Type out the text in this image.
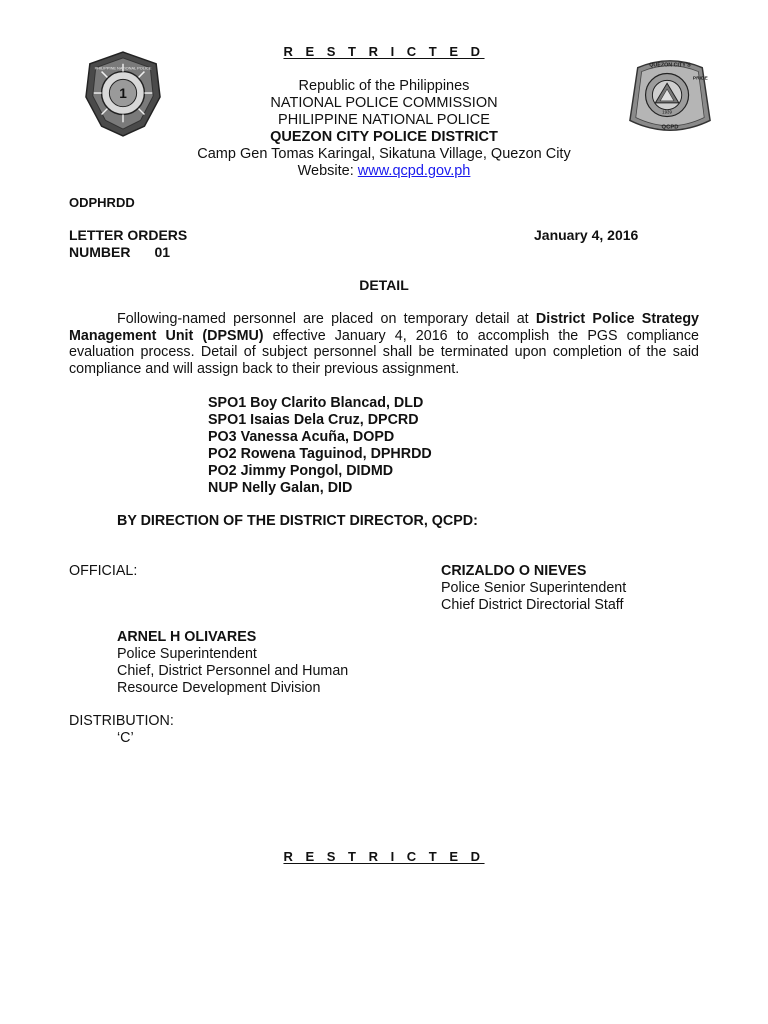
R E S T R I C T E D
1
PHILIPPINE NATIONAL POLICE	QUEZON CITY'S
PRIDE
1939
QCPD
Republic of the Philippines
NATIONAL POLICE COMMISSION
PHILIPPINE NATIONAL POLICE
QUEZON CITY POLICE DISTRICT
Camp Gen Tomas Karingal, Sikatuna Village, Quezon City
Website: www.qcpd.gov.ph
ODPHRDD
LETTER ORDERS
NUMBER 01
January 4, 2016
DETAIL
Following-named personnel are placed on temporary detail at District Police Strategy Management Unit (DPSMU) effective January 4, 2016 to accomplish the PGS compliance evaluation process. Detail of subject personnel shall be terminated upon completion of the said compliance and will assign back to their previous assignment.
SPO1 Boy Clarito Blancad, DLD
SPO1 Isaias Dela Cruz, DPCRD
PO3 Vanessa Acuña, DOPD
PO2 Rowena Taguinod, DPHRDD
PO2 Jimmy Pongol, DIDMD
NUP Nelly Galan, DID
BY DIRECTION OF THE DISTRICT DIRECTOR, QCPD:
OFFICIAL:	CRIZALDO O NIEVES
Police Senior Superintendent
Chief District Directorial Staff
ARNEL H OLIVARES
Police Superintendent
Chief, District Personnel and Human
Resource Development Division
DISTRIBUTION:
‘C’
R E S T R I C T E D
